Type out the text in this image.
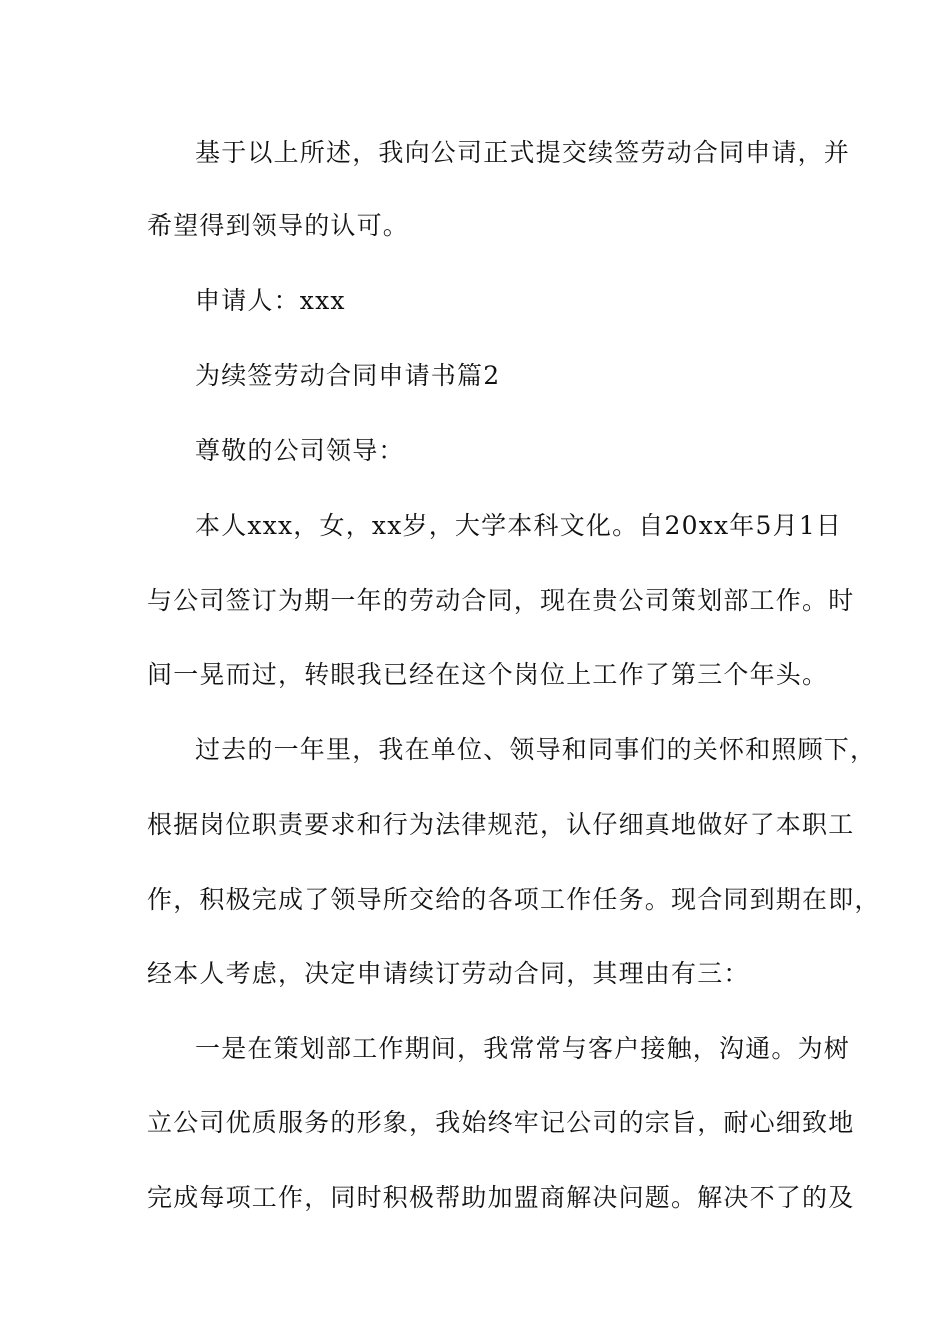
基于以上所述，我向公司正式提交续签劳动合同申请，并
希望得到领导的认可。
申请人：xxx
为续签劳动合同申请书篇2
尊敬的公司领导：
本人xxx，女，xx岁，大学本科文化。自20xx年5月1日
与公司签订为期一年的劳动合同，现在贵公司策划部工作。时
间一晃而过，转眼我已经在这个岗位上工作了第三个年头。
过去的一年里，我在单位、领导和同事们的关怀和照顾下，
根据岗位职责要求和行为法律规范，认仔细真地做好了本职工
作，积极完成了领导所交给的各项工作任务。现合同到期在即，
经本人考虑，决定申请续订劳动合同，其理由有三：
一是在策划部工作期间，我常常与客户接触，沟通。为树
立公司优质服务的形象，我始终牢记公司的宗旨，耐心细致地
完成每项工作，同时积极帮助加盟商解决问题。解决不了的及
